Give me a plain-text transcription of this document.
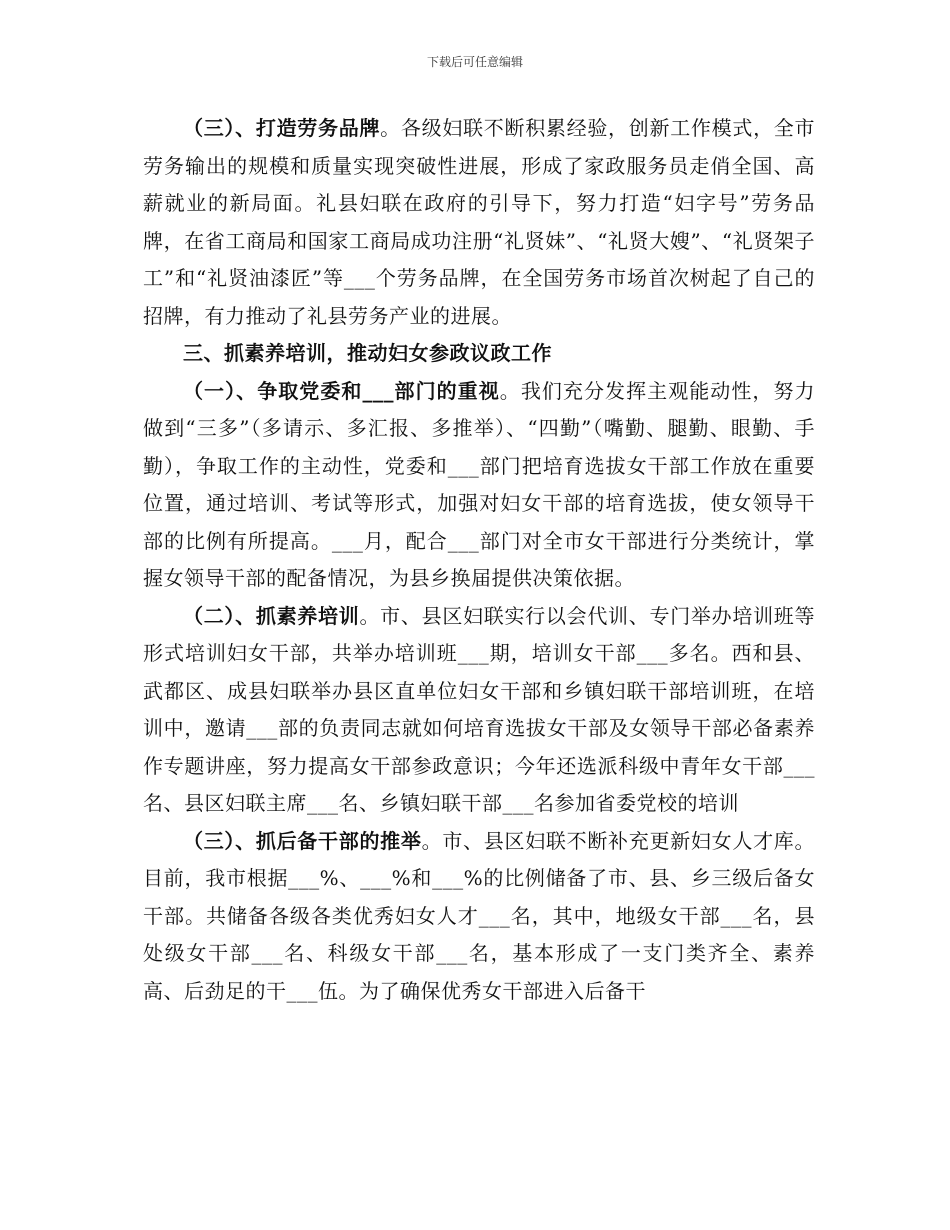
下载后可任意编辑

（三）、打造劳务品牌。各级妇联不断积累经验，创新工作模式，全市劳务输出的规模和质量实现突破性进展，形成了家政服务员走俏全国、高薪就业的新局面。礼县妇联在政府的引导下，努力打造“妇字号”劳务品牌，在省工商局和国家工商局成功注册“礼贤妹”、“礼贤大嫂”、“礼贤架子工”和“礼贤油漆匠”等___个劳务品牌，在全国劳务市场首次树起了自己的招牌，有力推动了礼县劳务产业的进展。

三、抓素养培训，推动妇女参政议政工作

（一）、争取党委和___部门的重视。我们充分发挥主观能动性，努力做到“三多”（多请示、多汇报、多推举）、“四勤”（嘴勤、腿勤、眼勤、手勤），争取工作的主动性，党委和___部门把培育选拔女干部工作放在重要位置，通过培训、考试等形式，加强对妇女干部的培育选拔，使女领导干部的比例有所提高。___月，配合___部门对全市女干部进行分类统计，掌握女领导干部的配备情况，为县乡换届提供决策依据。

（二）、抓素养培训。市、县区妇联实行以会代训、专门举办培训班等形式培训妇女干部，共举办培训班___期，培训女干部___多名。西和县、武都区、成县妇联举办县区直单位妇女干部和乡镇妇联干部培训班，在培训中，邀请___部的负责同志就如何培育选拔女干部及女领导干部必备素养作专题讲座，努力提高女干部参政意识；今年还选派科级中青年女干部___名、县区妇联主席___名、乡镇妇联干部___名参加省委党校的培训

（三）、抓后备干部的推举。市、县区妇联不断补充更新妇女人才库。目前，我市根据___%、___%和___%的比例储备了市、县、乡三级后备女干部。共储备各级各类优秀妇女人才___名，其中，地级女干部___名，县处级女干部___名、科级女干部___名，基本形成了一支门类齐全、素养高、后劲足的干___伍。为了确保优秀女干部进入后备干
